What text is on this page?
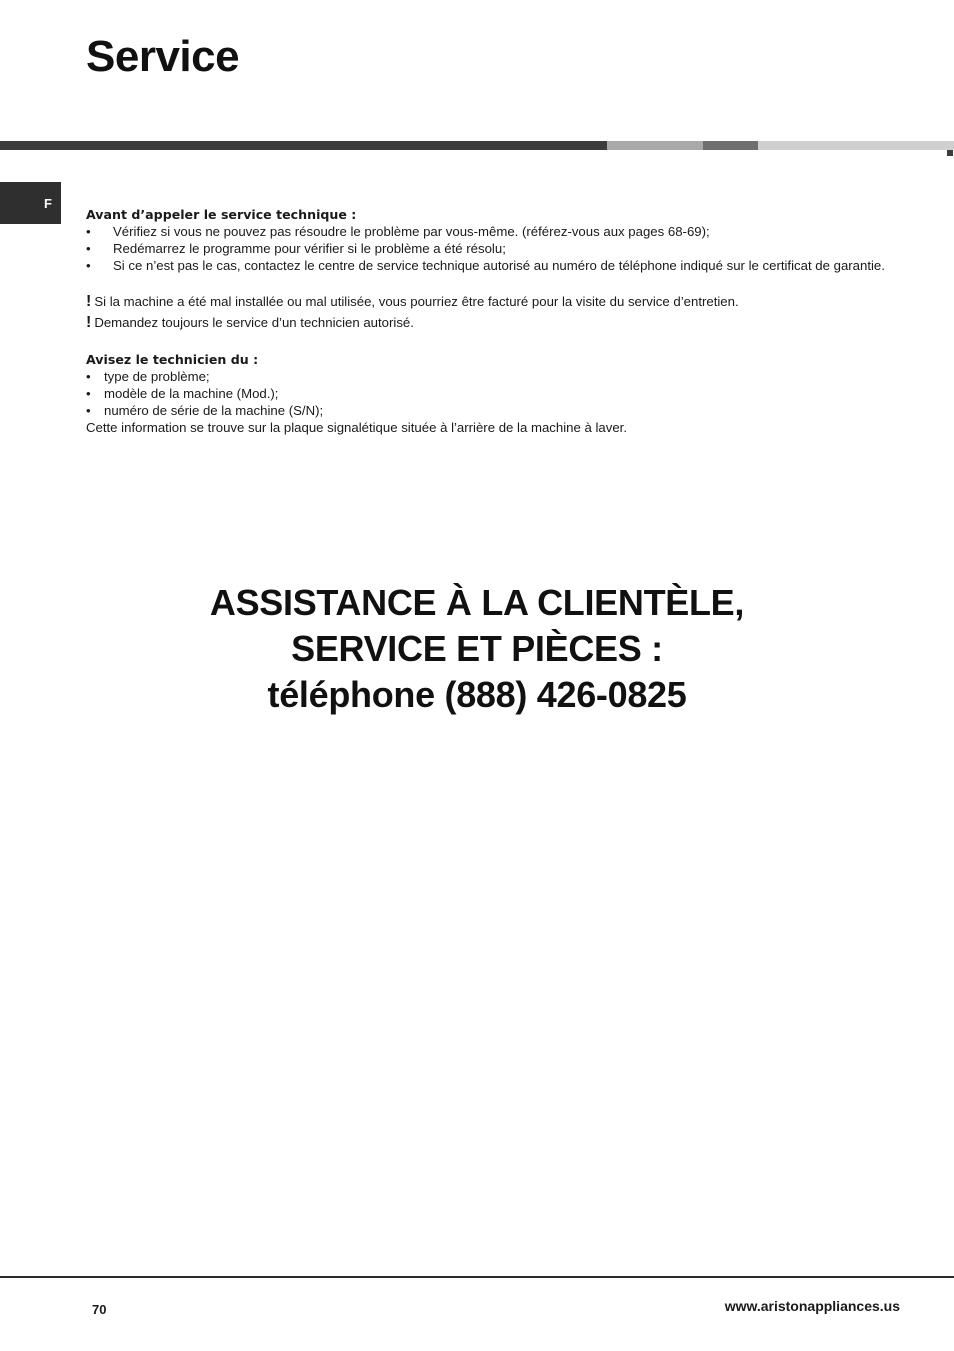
Service
F
Avant d’appeler le service technique :
• Vérifiez si vous ne pouvez pas résoudre le problème par vous-même. (référez-vous aux pages 68-69);
• Redémarrez le programme pour vérifier si le problème a été résolu;
• Si ce n’est pas le cas, contactez le centre de service technique autorisé au numéro de téléphone indiqué sur le certificat de garantie.
! Si la machine a été mal installée ou mal utilisée, vous pourriez être facturé pour la visite du service d’entretien.
! Demandez toujours le service d’un technicien autorisé.
Avisez le technicien du :
• type de problème;
• modèle de la machine (Mod.);
• numéro de série de la machine (S/N);
Cette information se trouve sur la plaque signalétique située à l’arrière de la machine à laver.
ASSISTANCE À LA CLIENTÈLE,
SERVICE ET PIÈCES :
téléphone (888) 426-0825
70	www.aristonappliances.us
